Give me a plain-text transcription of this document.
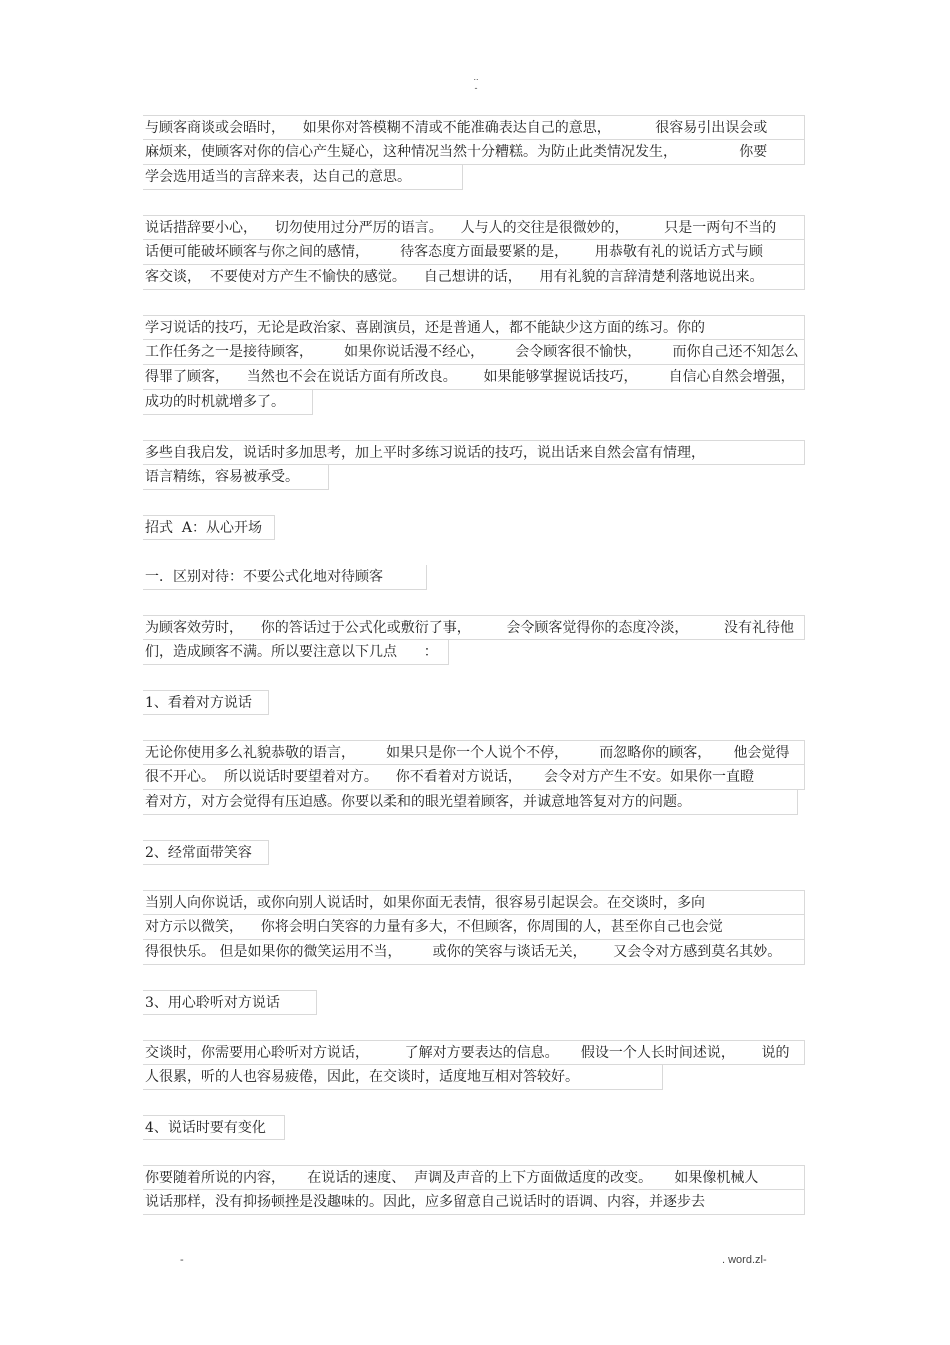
..
-
与顾客商谈或会晤时，    如果你对答模糊不清或不能准确表达自己的意思，          很容易引出误会或
麻烦来，使顾客对你的信心产生疑心，这种情况当然十分糟糕。为防止此类情况发生，              你要
学会选用适当的言辞来表，达自己的意思。
说话措辞要小心，    切勿使用过分严厉的语言。    人与人的交往是很微妙的，        只是一两句不当的
话便可能破坏顾客与你之间的感情，       待客态度方面最要紧的是，      用恭敬有礼的说话方式与顾
客交谈，  不要使对方产生不愉快的感觉。    自己想讲的话，    用有礼貌的言辞清楚利落地说出来。
学习说话的技巧，无论是政治家、喜剧演员，还是普通人，都不能缺少这方面的练习。你的
工作任务之一是接待顾客，       如果你说话漫不经心，       会令顾客很不愉快，       而你自己还不知怎么
得罪了顾客，    当然也不会在说话方面有所改良。      如果能够掌握说话技巧，       自信心自然会增强，
成功的时机就增多了。
多些自我启发，说话时多加思考，加上平时多练习说话的技巧，说出话来自然会富有情理，
语言精练，容易被承受。
招式  A：从心开场
一．区别对待：不要公式化地对待顾客
为顾客效劳时，    你的答话过于公式化或敷衍了事，        会令顾客觉得你的态度冷淡，        没有礼待他
们，造成顾客不满。所以要注意以下几点      ：
1、看着对方说话
无论你使用多么礼貌恭敬的语言，       如果只是你一个人说个不停，       而忽略你的顾客，     他会觉得
很不开心。  所以说话时要望着对方。    你不看着对方说话，     会令对方产生不安。如果你一直瞪
着对方，对方会觉得有压迫感。你要以柔和的眼光望着顾客，并诚意地答复对方的问题。
2、经常面带笑容
当别人向你说话，或你向别人说话时，如果你面无表情，很容易引起误会。在交谈时，多向
对方示以微笑，    你将会明白笑容的力量有多大，不但顾客，你周围的人，甚至你自己也会觉
得很快乐。 但是如果你的微笑运用不当，       或你的笑容与谈话无关，      又会令对方感到莫名其妙。
3、用心聆听对方说话
交谈时，你需要用心聆听对方说话，        了解对方要表达的信息。     假设一个人长时间述说，      说的
人很累，听的人也容易疲倦，因此，在交谈时，适度地互相对答较好。
4、说话时要有变化
你要随着所说的内容，     在说话的速度、  声调及声音的上下方面做适度的改变。     如果像机械人
说话那样，没有抑扬顿挫是没趣味的。因此，应多留意自己说话时的语调、内容，并逐步去
-	. word.zl-
